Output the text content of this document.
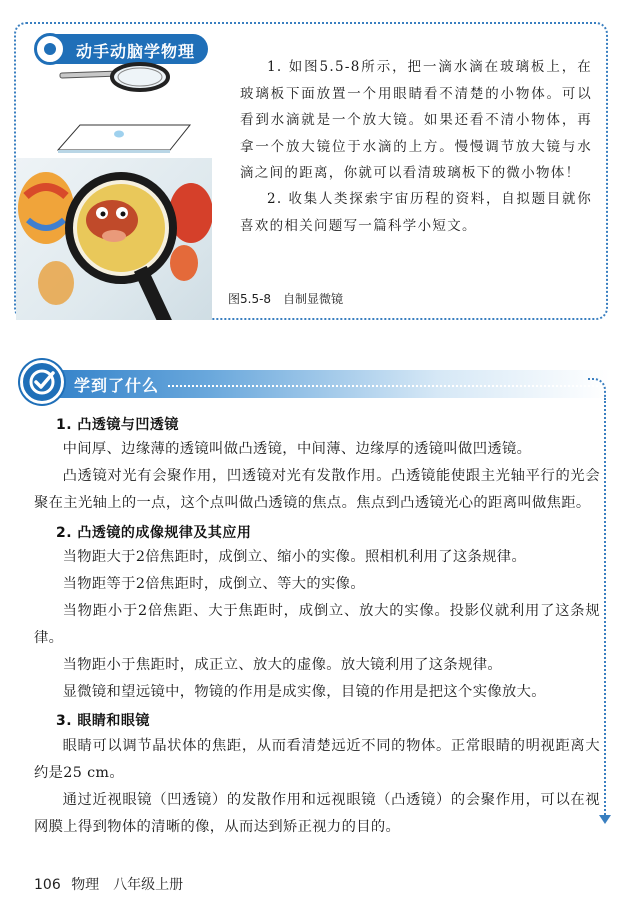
动手动脑学物理

1. 如图5.5-8所示，把一滴水滴在玻璃板上，在玻璃板下面放置一个用眼睛看不清楚的小物体。可以看到水滴就是一个放大镜。如果还看不清小物体，再拿一个放大镜位于水滴的上方。慢慢调节放大镜与水滴之间的距离，你就可以看清玻璃板下的微小物体！

2. 收集人类探索宇宙历程的资料，自拟题目就你喜欢的相关问题写一篇科学小短文。

图5.5-8　自制显微镜
学到了什么
1. 凸透镜与凹透镜

中间厚、边缘薄的透镜叫做凸透镜，中间薄、边缘厚的透镜叫做凹透镜。

凸透镜对光有会聚作用，凹透镜对光有发散作用。凸透镜能使跟主光轴平行的光会聚在主光轴上的一点，这个点叫做凸透镜的焦点。焦点到凸透镜光心的距离叫做焦距。

2. 凸透镜的成像规律及其应用

当物距大于2倍焦距时，成倒立、缩小的实像。照相机利用了这条规律。

当物距等于2倍焦距时，成倒立、等大的实像。

当物距小于2倍焦距、大于焦距时，成倒立、放大的实像。投影仪就利用了这条规律。

当物距小于焦距时，成正立、放大的虚像。放大镜利用了这条规律。

显微镜和望远镜中，物镜的作用是成实像，目镜的作用是把这个实像放大。

3. 眼睛和眼镜

眼睛可以调节晶状体的焦距，从而看清楚远近不同的物体。正常眼睛的明视距离大约是25 cm。

通过近视眼镜（凹透镜）的发散作用和远视眼镜（凸透镜）的会聚作用，可以在视网膜上得到物体的清晰的像，从而达到矫正视力的目的。

106 物理　八年级上册
